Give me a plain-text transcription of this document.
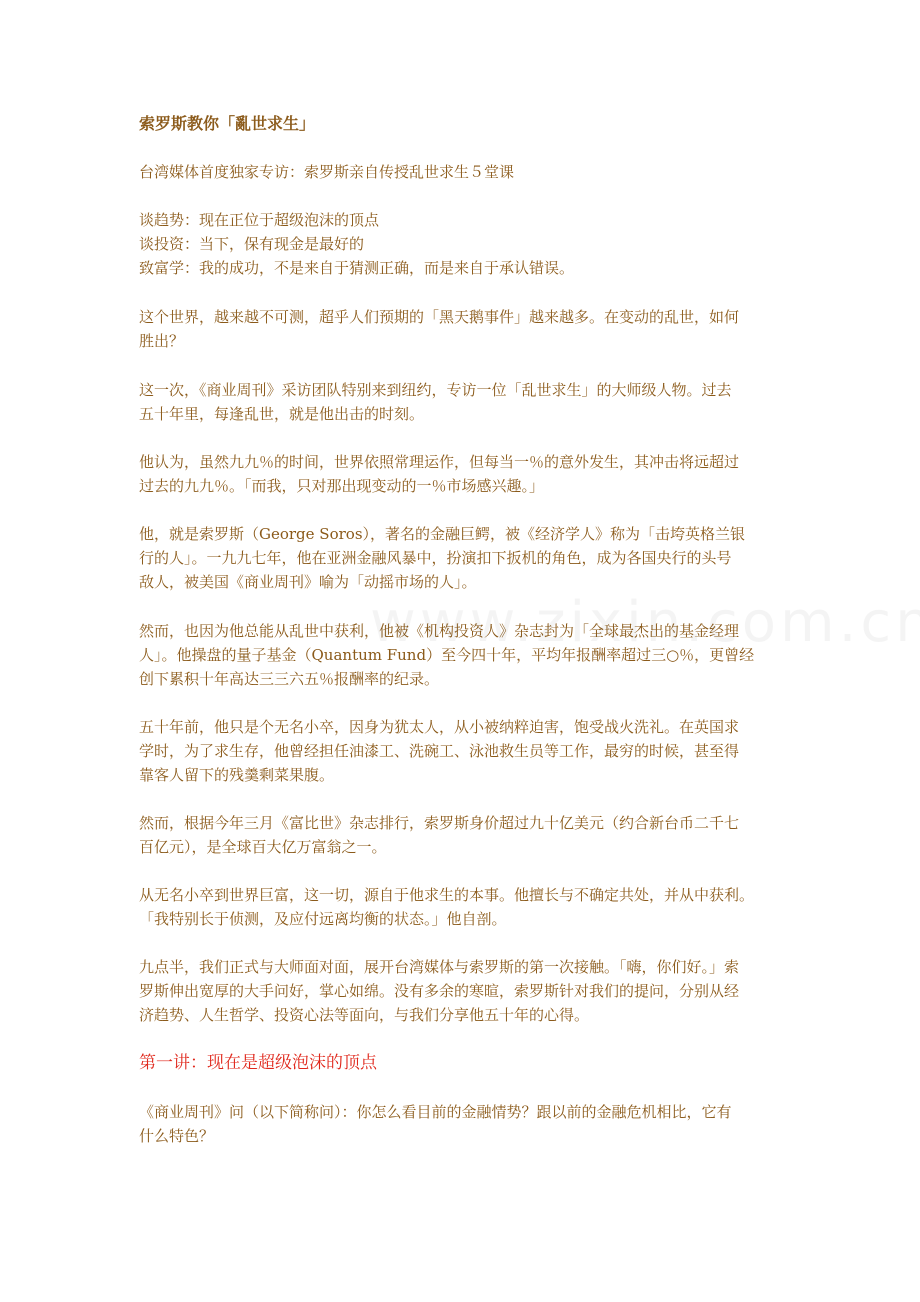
索罗斯教你「亂世求生」

台湾媒体首度独家专访：索罗斯亲自传授乱世求生５堂课

谈趋势：现在正位于超级泡沫的顶点
谈投资：当下，保有现金是最好的
致富学：我的成功，不是来自于猜测正确，而是来自于承认错误。

这个世界，越来越不可测，超乎人们预期的「黑天鹅事件」越来越多。在变动的乱世，如何
胜出？

这一次，《商业周刊》采访团队特别来到纽约，专访一位「乱世求生」的大师级人物。过去
五十年里，每逢乱世，就是他出击的时刻。

他认为，虽然九九％的时间，世界依照常理运作，但每当一％的意外发生，其冲击将远超过
过去的九九％。「而我，只对那出现变动的一％市场感兴趣。」

他，就是索罗斯（George Soros），著名的金融巨鳄，被《经济学人》称为「击垮英格兰银
行的人」。一九九七年，他在亚洲金融风暴中，扮演扣下扳机的角色，成为各国央行的头号
敌人，被美国《商业周刊》喻为「动摇市场的人」。

然而，也因为他总能从乱世中获利，他被《机构投资人》杂志封为「全球最杰出的基金经理
人」。他操盘的量子基金（Quantum Fund）至今四十年，平均年报酬率超过三○％，更曾经
创下累积十年高达三三六五％报酬率的纪录。

五十年前，他只是个无名小卒，因身为犹太人，从小被纳粹迫害，饱受战火洗礼。在英国求
学时，为了求生存，他曾经担任油漆工、洗碗工、泳池救生员等工作，最穷的时候，甚至得
靠客人留下的残羹剩菜果腹。

然而，根据今年三月《富比世》杂志排行，索罗斯身价超过九十亿美元（约合新台币二千七
百亿元），是全球百大亿万富翁之一。

从无名小卒到世界巨富，这一切，源自于他求生的本事。他擅长与不确定共处，并从中获利。
「我特别长于侦测，及应付远离均衡的状态。」他自剖。

九点半，我们正式与大师面对面，展开台湾媒体与索罗斯的第一次接触。「嗨，你们好。」索
罗斯伸出宽厚的大手问好，掌心如绵。没有多余的寒暄，索罗斯针对我们的提问，分别从经
济趋势、人生哲学、投资心法等面向，与我们分享他五十年的心得。

第一讲：现在是超级泡沫的顶点

《商业周刊》问（以下简称问）：你怎么看目前的金融情势？跟以前的金融危机相比，它有
什么特色？
